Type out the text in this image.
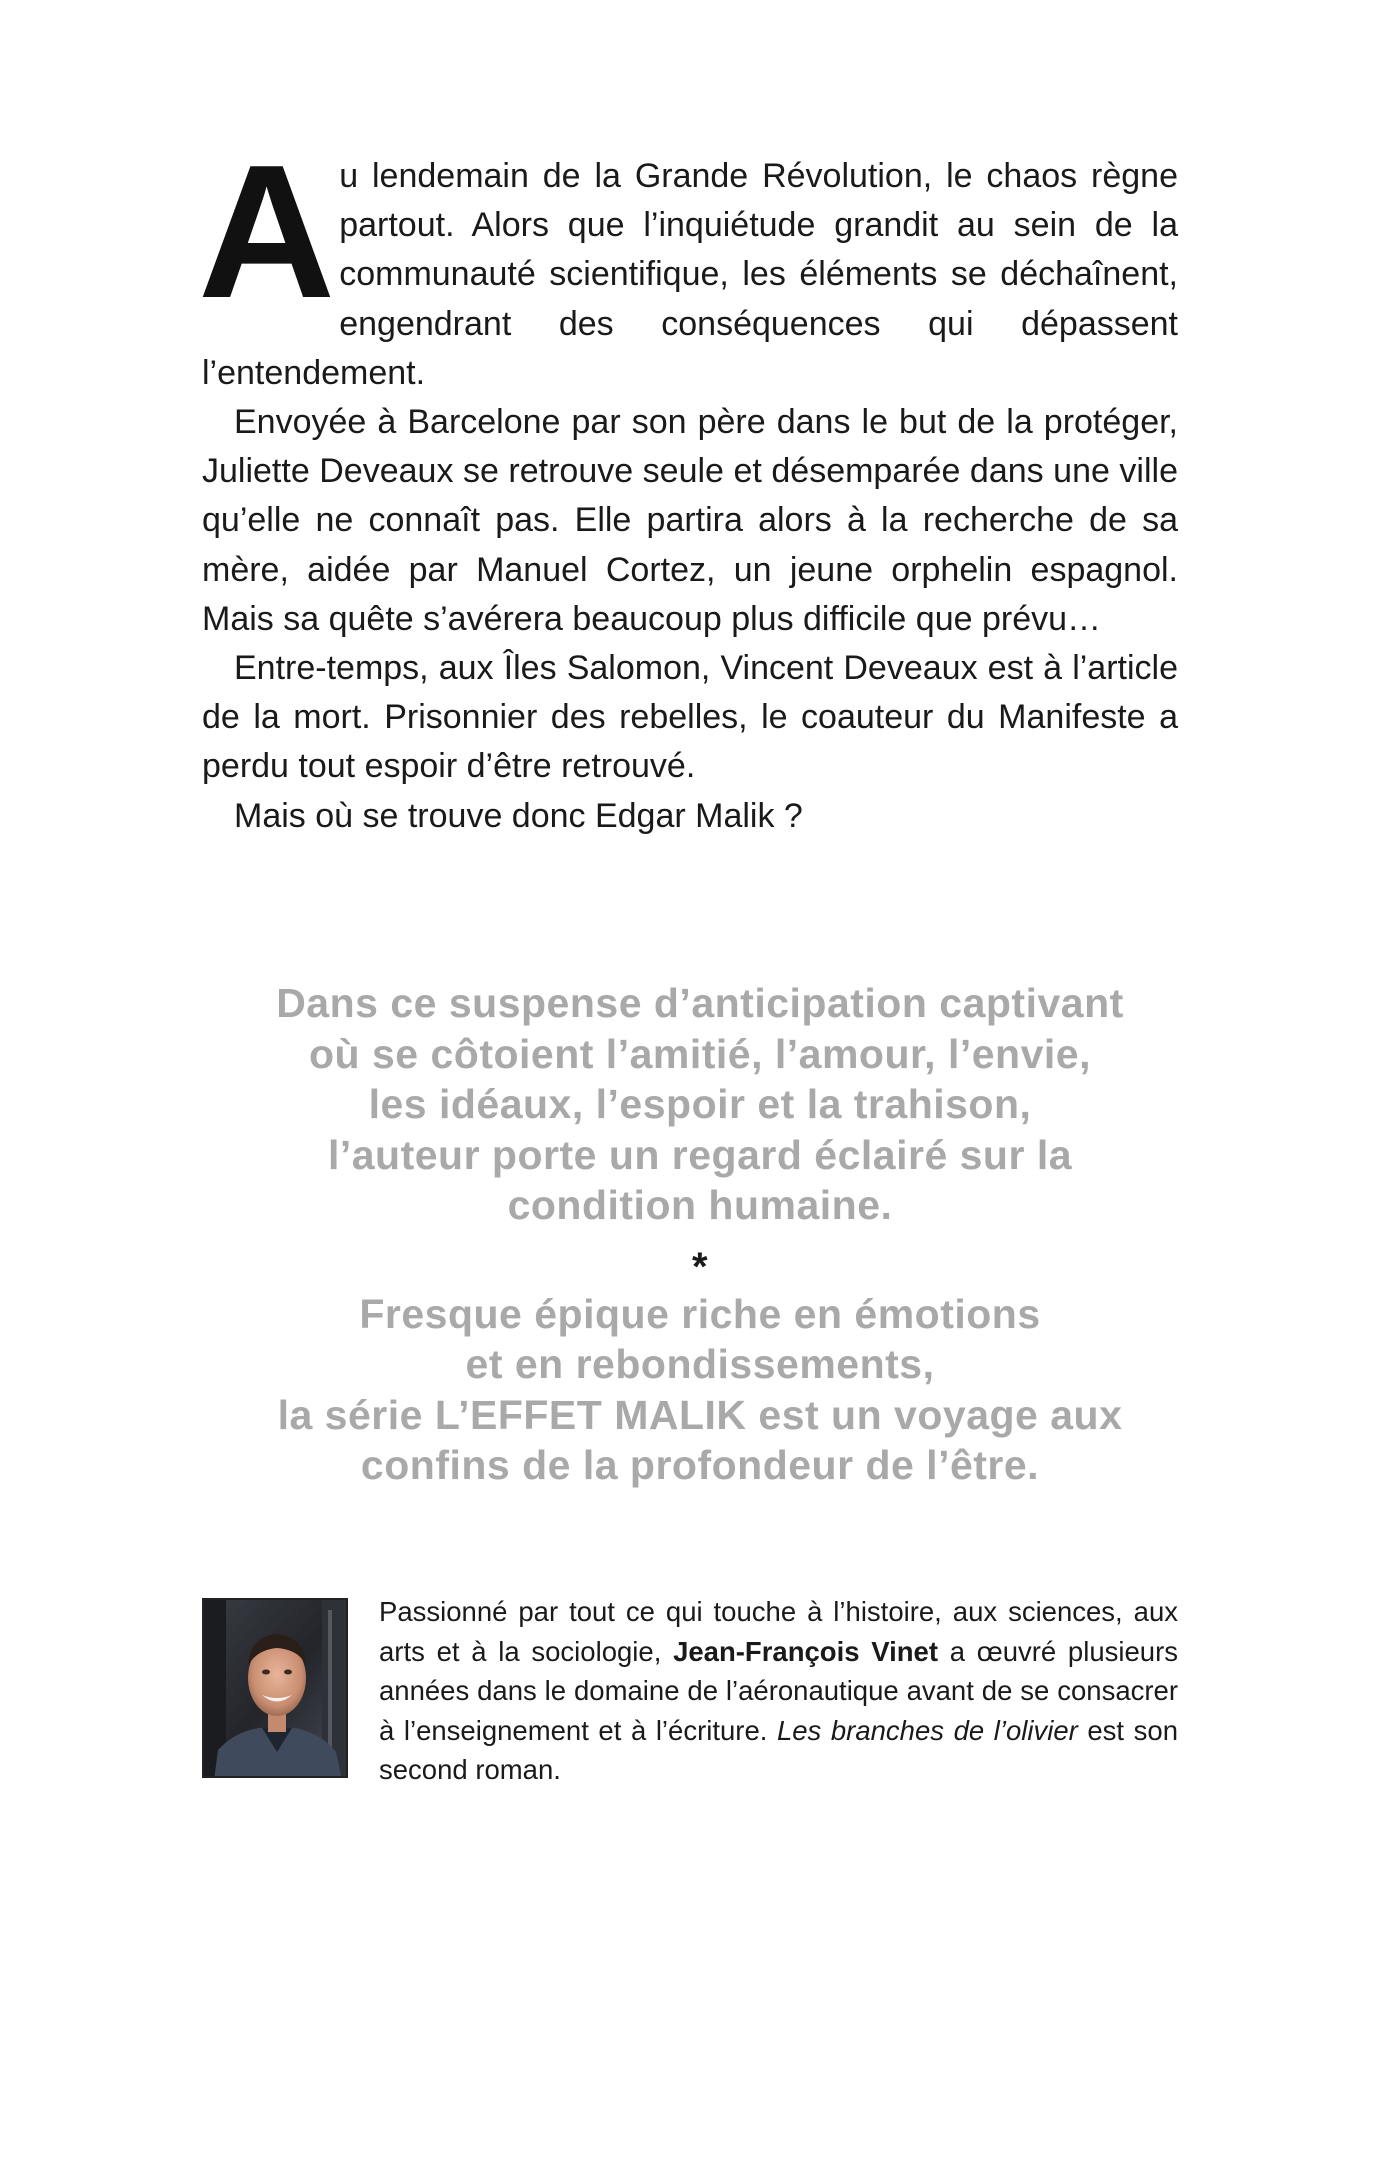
Au lendemain de la Grande Révolution, le chaos règne partout. Alors que l’inquiétude grandit au sein de la communauté scientifique, les éléments se déchaînent, engendrant des conséquences qui dépassent l’entendement.

Envoyée à Barcelone par son père dans le but de la protéger, Juliette Deveaux se retrouve seule et désemparée dans une ville qu’elle ne connaît pas. Elle partira alors à la recherche de sa mère, aidée par Manuel Cortez, un jeune orphelin espagnol. Mais sa quête s’avérera beaucoup plus difficile que prévu…

Entre-temps, aux Îles Salomon, Vincent Deveaux est à l’article de la mort. Prisonnier des rebelles, le coauteur du Manifeste a perdu tout espoir d’être retrouvé.

Mais où se trouve donc Edgar Malik ?

Dans ce suspense d’anticipation captivant
où se côtoient l’amitié, l’amour, l’envie,
les idéaux, l’espoir et la trahison,
l’auteur porte un regard éclairé sur la
condition humaine.
*
Fresque épique riche en émotions
et en rebondissements,
la série L’EFFET MALIK est un voyage aux
confins de la profondeur de l’être.

Passionné par tout ce qui touche à l’histoire, aux sciences, aux arts et à la sociologie, Jean-François Vinet a œuvré plusieurs années dans le domaine de l’aéronautique avant de se consacrer à l’enseignement et à l’écriture. Les branches de l’olivier est son second roman.
